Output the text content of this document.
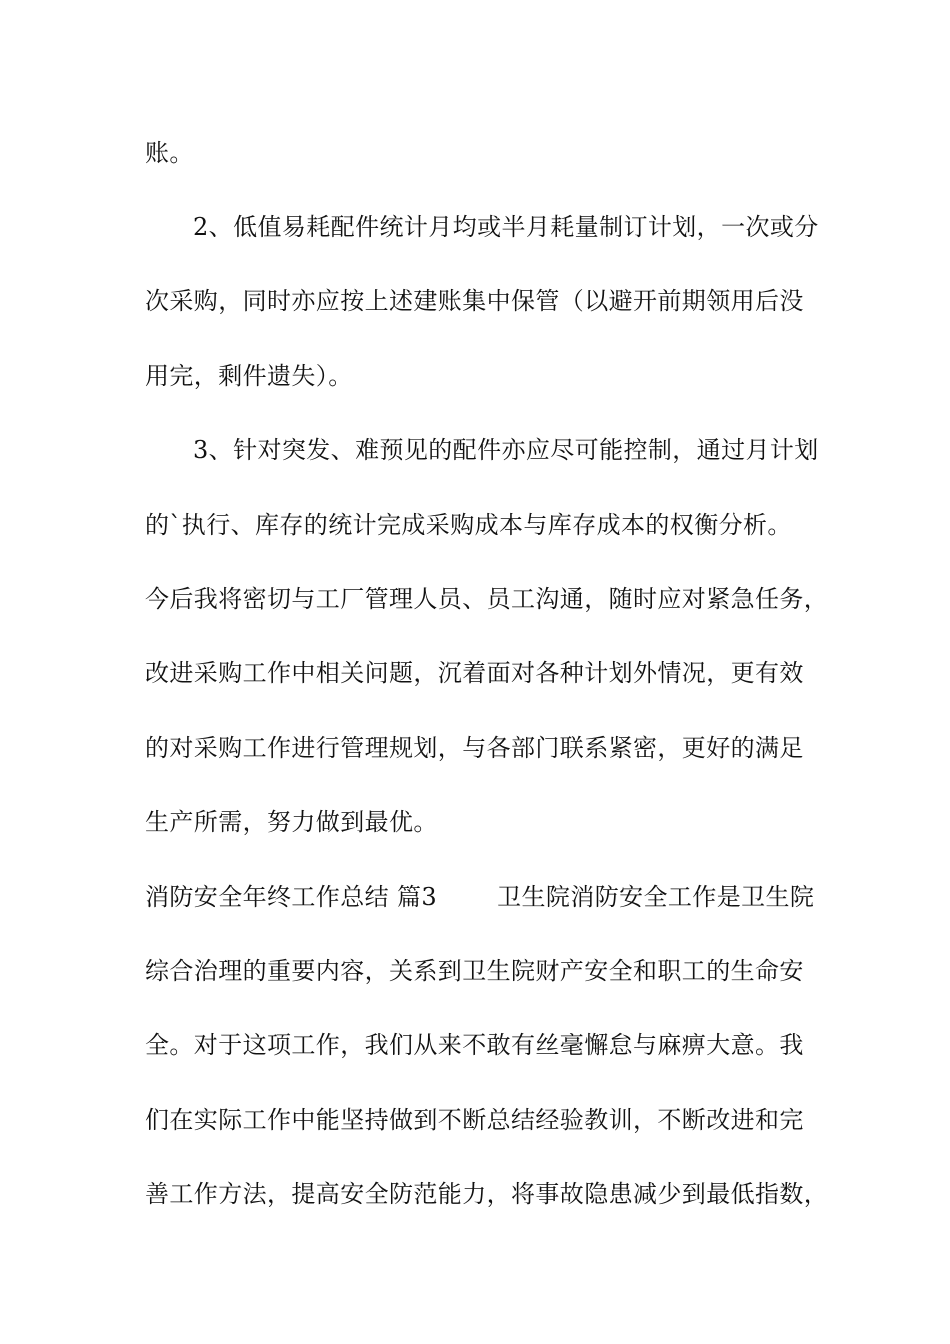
账。
2、低值易耗配件统计月均或半月耗量制订计划，一次或分
次采购，同时亦应按上述建账集中保管（以避开前期领用后没
用完，剩件遗失）。
3、针对突发、难预见的配件亦应尽可能控制，通过月计划
的`执行、库存的统计完成采购成本与库存成本的权衡分析。
今后我将密切与工厂管理人员、员工沟通，随时应对紧急任务，
改进采购工作中相关问题，沉着面对各种计划外情况，更有效
的对采购工作进行管理规划，与各部门联系紧密，更好的满足
生产所需，努力做到最优。
消防安全年终工作总结 篇3	卫生院消防安全工作是卫生院
综合治理的重要内容，关系到卫生院财产安全和职工的生命安
全。对于这项工作，我们从来不敢有丝毫懈怠与麻痹大意。我
们在实际工作中能坚持做到不断总结经验教训，不断改进和完
善工作方法，提高安全防范能力，将事故隐患减少到最低指数，
